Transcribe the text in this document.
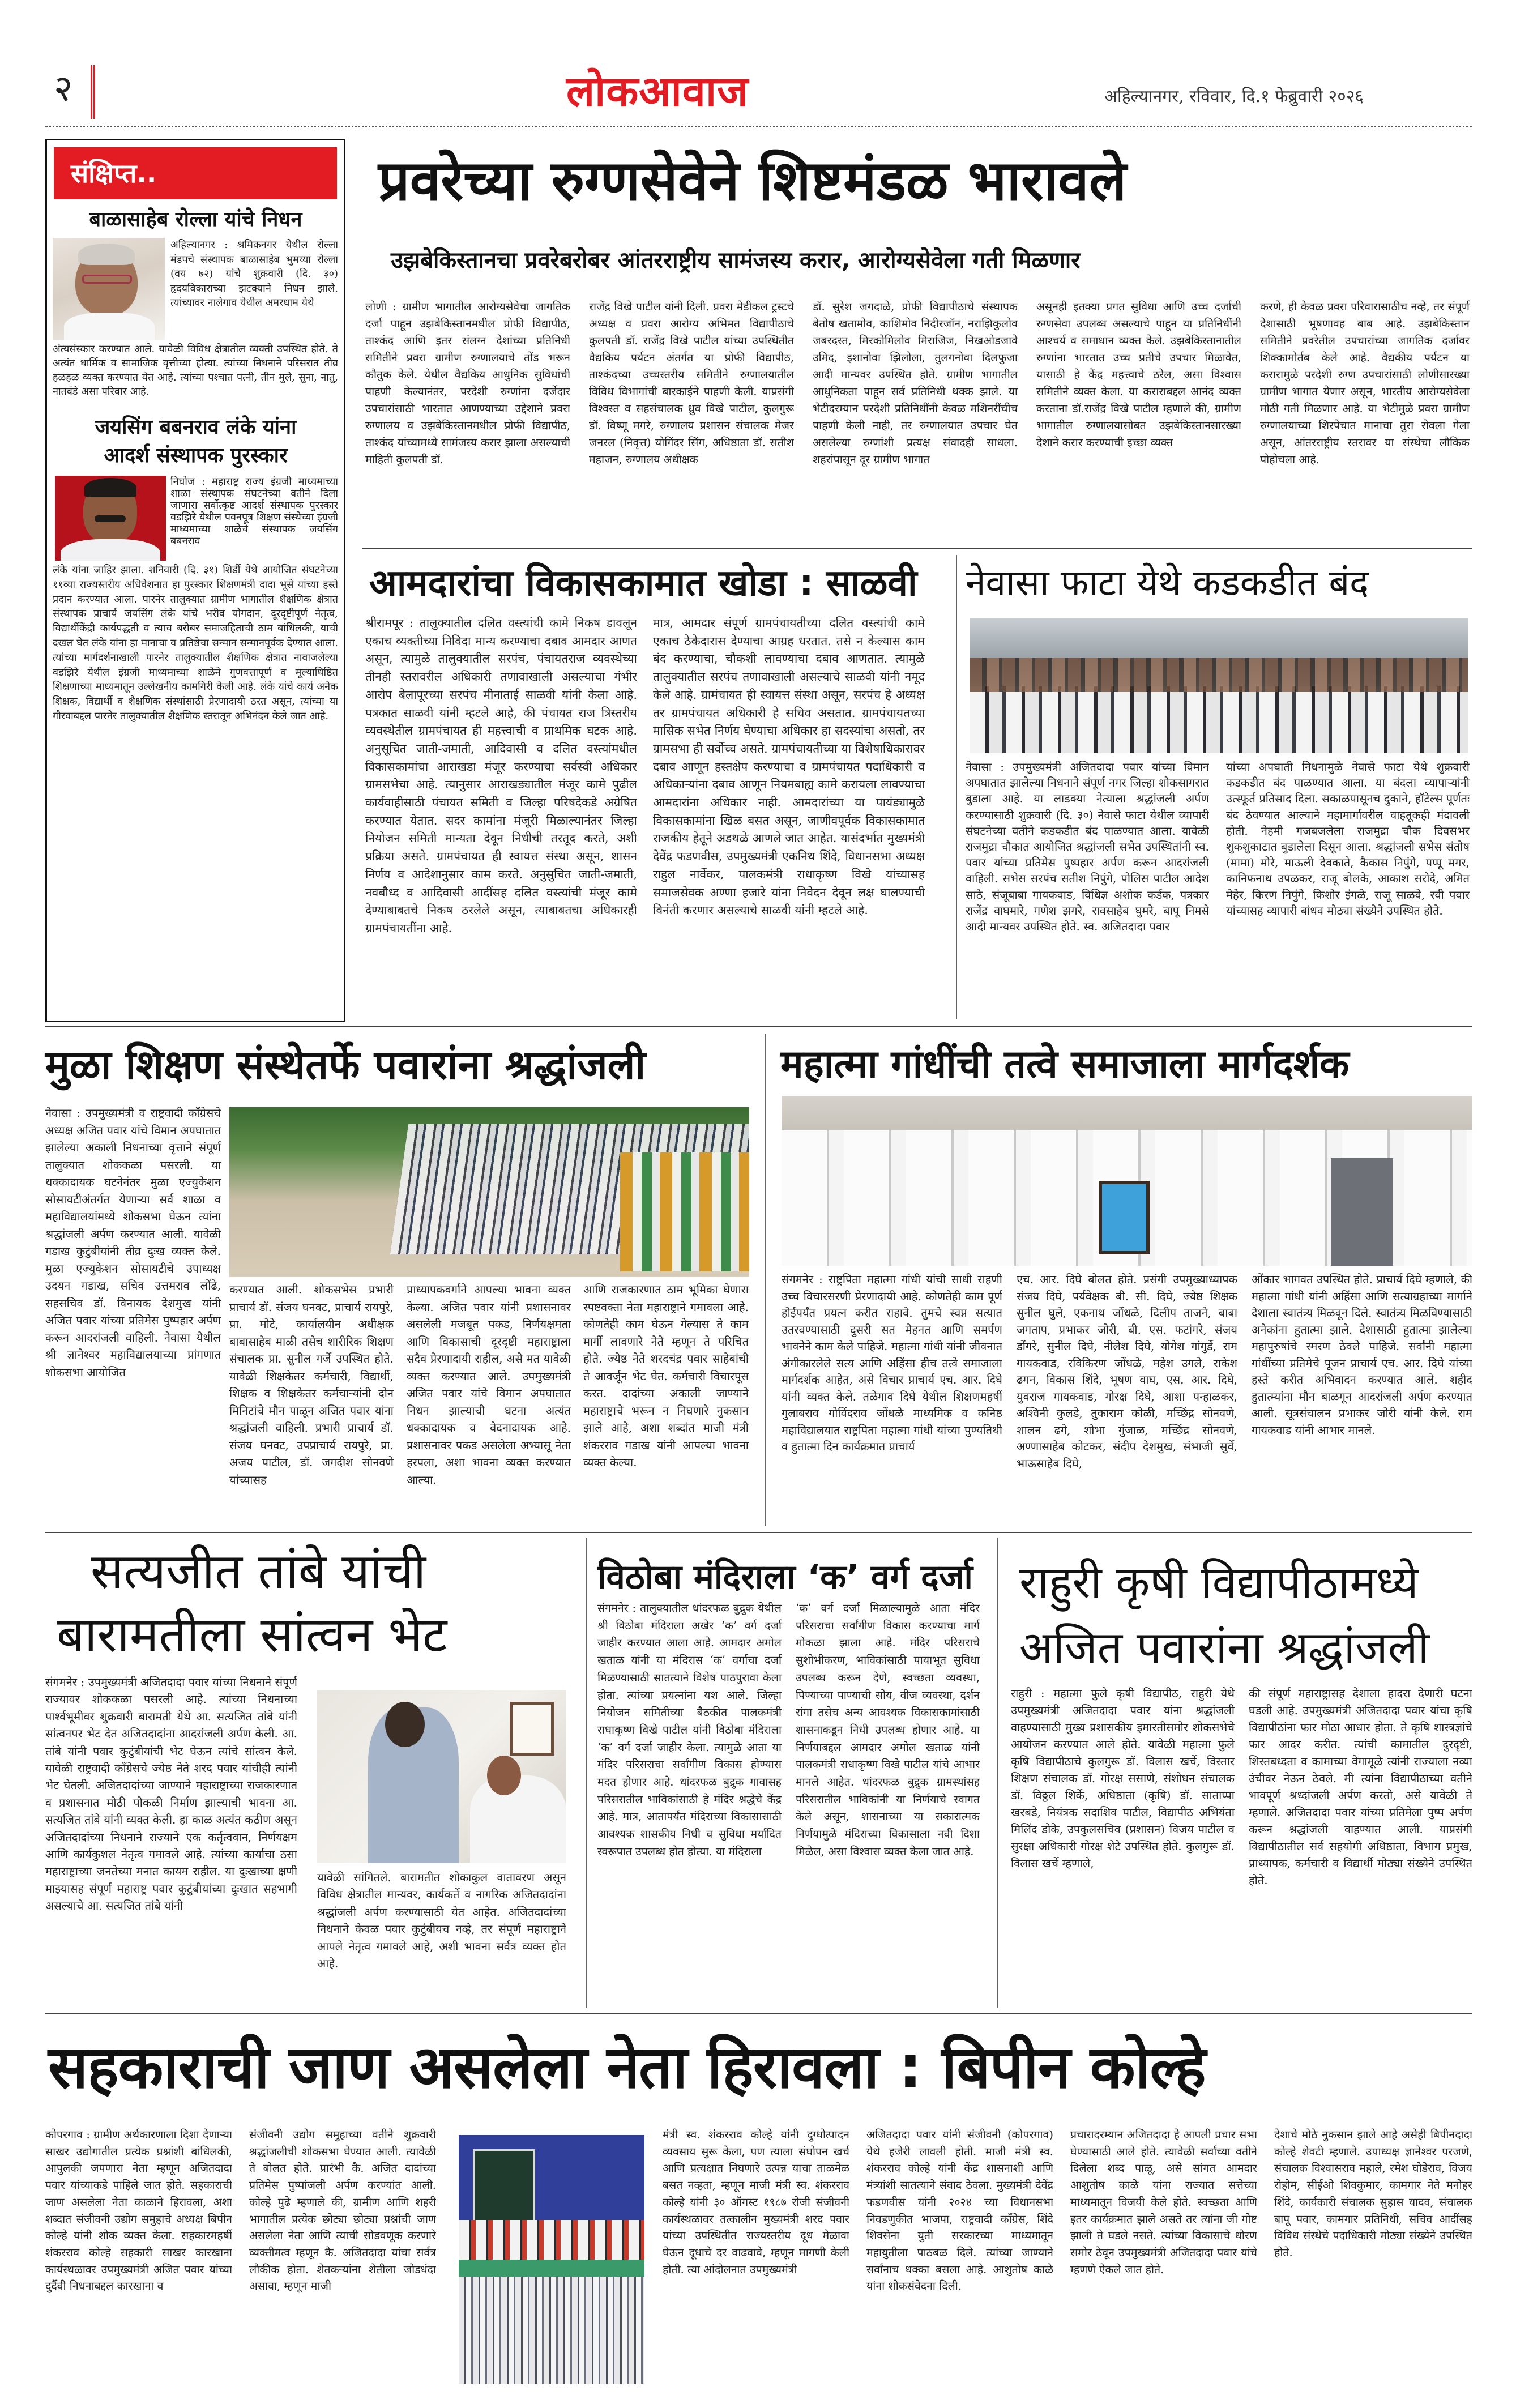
२	लोकआवाज	अहिल्यानगर, रविवार, दि.१ फेब्रुवारी २०२६
संक्षिप्त..
बाळासाहेब रोल्ला यांचे निधन
अहिल्यानगर : श्रमिकनगर येथील रोल्ला मंडपचे संस्थापक बाळासाहेब भुमय्या रोल्ला (वय ७२) यांचे शुक्रवारी (दि. ३०) हृदयविकाराच्या झटक्याने निधन झाले. त्यांच्यावर नालेगाव येथील अमरधाम येथे
अंत्यसंस्कार करण्यात आले. यावेळी विविध क्षेत्रातील व्यक्ती उपस्थित होते. ते अत्यंत धार्मिक व सामाजिक वृत्तीच्या होत्या. त्यांच्या निधनाने परिसरात तीव्र हळहळ व्यक्त करण्यात येत आहे. त्यांच्या पश्चात पत्नी, तीन मुले, सुना, नातु, नातवंडे असा परिवार आहे.
जयसिंग बबनराव लंके यांना
आदर्श संस्थापक पुरस्कार
निघोज : महाराष्ट्र राज्य इंग्रजी माध्यमाच्या शाळा संस्थापक संघटनेच्या वतीने दिला जाणारा सर्वोत्कृष्ट आदर्श संस्थापक पुरस्कार वडझिरे येथील पवनपूत्र शिक्षण संस्थेच्या इंग्रजी माध्यमाच्या शाळेचे संस्थापक जयसिंग बबनराव
लंके यांना जाहिर झाला. शनिवारी (दि. ३१) शिर्डी येथे आयोजित संघटनेच्या ११व्या राज्यस्तरीय अधिवेशनात हा पुरस्कार शिक्षणमंत्री दादा भूसे यांच्या हस्ते प्रदान करण्यात आला. पारनेर तालुक्यात ग्रामीण भागातील शैक्षणिक क्षेत्रात संस्थापक प्राचार्य जयसिंग लंके यांचे भरीव योगदान, दूरदृष्टीपूर्ण नेतृत्व, विद्यार्थीकेंद्री कार्यपद्धती व त्याच बरोबर समाजहिताची ठाम बांधिलकी, याची दखल घेत लंके यांना हा मानाचा व प्रतिष्ठेचा सन्मान सन्मानपूर्वक देण्यात आला. त्यांच्या मार्गदर्शनाखाली पारनेर तालुक्यातील शैक्षणिक क्षेत्रात नावाजलेल्या वडझिरे येथील इंग्रजी माध्यमाच्या शाळेने गुणवत्तापूर्ण व मूल्याधिष्ठित शिक्षणाच्या माध्यमातून उल्लेखनीय कामगिरी केली आहे. लंके यांचे कार्य अनेक शिक्षक, विद्यार्थी व शैक्षणिक संस्थांसाठी प्रेरणादायी ठरत असून, त्यांच्या या गौरवाबद्दल पारनेर तालुक्यातील शैक्षणिक स्तरातून अभिनंदन केले जात आहे.
प्रवरेच्या रुग्णसेवेने शिष्टमंडळ भारावले
उझबेकिस्तानचा प्रवरेबरोबर आंतरराष्ट्रीय सामंजस्य करार, आरोग्यसेवेला गती मिळणार
लोणी : ग्रामीण भागातील आरोग्यसेवेचा जागतिक दर्जा पाहून उझबेकिस्तानमधील प्रोफी विद्यापीठ, ताश्कंद आणि इतर संलग्न देशांच्या प्रतिनिधी समितीने प्रवरा ग्रामीण रुग्णालयाचे तोंड भरून कौतुक केले. येथील वैद्यकिय आधुनिक सुविधांची पाहणी केल्यानंतर, परदेशी रुग्णांना दर्जेदार उपचारांसाठी भारतात आणण्याच्या उद्देशाने प्रवरा रुग्णालय व उझबेकिस्तानमधील प्रोफी विद्यापीठ, ताश्कंद यांच्यामध्ये सामंजस्य करार झाला असल्याची माहिती कुलपती डॉ.
राजेंद्र विखे पाटील यांनी दिली. प्रवरा मेडीकल ट्रस्टचे अध्यक्ष व प्रवरा आरोग्य अभिमत विद्यापीठाचे कुलपती डॉ. राजेंद्र विखे पाटील यांच्या उपस्थितीत वैद्यकिय पर्यटन अंतर्गत या प्रोफी विद्यापीठ, ताश्कंदच्या उच्चस्तरीय समितीने रुग्णालयातील विविध विभागांची बारकाईने पाहणी केली. याप्रसंगी विश्वस्त व सहसंचालक ध्रुव विखे पाटील, कुलगुरू डॉ. विष्णू मगरे, रुग्णालय प्रशासन संचालक मेजर जनरल (निवृत्त) योगिंदर सिंग, अधिष्ठाता डॉ. सतीश महाजन, रुग्णालय अधीक्षक
डॉ. सुरेश जगदाळे, प्रोफी विद्यापीठाचे संस्थापक बेतोष खतामोव, काशिमोव निदीरजॉन, नराझिकुलोव जबरदस्त, मिरकोमिलोव मिराजिज, निखओडजावे उमिद, इशानोवा झिलोला, तुलगनोवा दिलफुजा आदी मान्यवर उपस्थित होते. ग्रामीण भागातील आधुनिकता पाहून सर्व प्रतिनिधी थक्क झाले. या भेटीदरम्यान परदेशी प्रतिनिधींनी केवळ मशिनरींचीच पाहणी केली नाही, तर रुग्णालयात उपचार घेत असलेल्या रुग्णांशी प्रत्यक्ष संवादही साधला. शहरांपासून दूर ग्रामीण भागात
असूनही इतक्या प्रगत सुविधा आणि उच्च दर्जाची रुग्णसेवा उपलब्ध असल्याचे पाहून या प्रतिनिधींनी आश्चर्य व समाधान व्यक्त केले. उझबेकिस्तानातील रुग्णांना भारतात उच्च प्रतीचे उपचार मिळावेत, यासाठी हे केंद्र महत्त्वाचे ठरेल, असा विश्वास समितीने व्यक्त केला. या कराराबद्दल आनंद व्यक्त करताना डॉ.राजेंद्र विखे पाटील म्हणाले की, ग्रामीण भागातील रुग्णालयासोबत उझबेकिस्तानसारख्या देशाने करार करण्याची इच्छा व्यक्त
करणे, ही केवळ प्रवरा परिवारासाठीच नव्हे, तर संपूर्ण देशासाठी भूषणावह बाब आहे. उझबेकिस्तान समितीने प्रवरेतील उपचारांच्या जागतिक दर्जावर शिक्कामोर्तब केले आहे. वैद्यकीय पर्यटन या करारामुळे परदेशी रुग्ण उपचारांसाठी लोणीसारख्या ग्रामीण भागात येणार असून, भारतीय आरोग्यसेवेला मोठी गती मिळणार आहे. या भेटीमुळे प्रवरा ग्रामीण रुग्णालयाच्या शिरपेचात मानाचा तुरा रोवला गेला असून, आंतरराष्ट्रीय स्तरावर या संस्थेचा लौकिक पोहोचला आहे.
आमदारांचा विकासकामात खोडा : साळवी
श्रीरामपूर : तालुक्यातील दलित वस्त्यांची कामे निकष डावलून एकाच व्यक्तीच्या निविदा मान्य करण्याचा दबाव आमदार आणत असून, त्यामुळे तालुक्यातील सरपंच, पंचायतराज व्यवस्थेच्या तीनही स्तरावरील अधिकारी तणावाखाली असल्याचा गंभीर आरोप बेलापूरच्या सरपंच मीनाताई साळवी यांनी केला आहे. पत्रकात साळवी यांनी म्हटले आहे, की पंचायत राज त्रिस्तरीय व्यवस्थेतील ग्रामपंचायत ही महत्त्वाची व प्राथमिक घटक आहे. अनुसूचित जाती-जमाती, आदिवासी व दलित वस्त्यांमधील विकासकामांचा आराखडा मंजूर करण्याचा सर्वस्वी अधिकार ग्रामसभेचा आहे. त्यानुसार आराखड्यातील मंजूर कामे पुढील कार्यवाहीसाठी पंचायत समिती व जिल्हा परिषदेकडे अग्रेषित करण्यात येतात. सदर कामांना मंजूरी मिळाल्यानंतर जिल्हा नियोजन समिती मान्यता देवून निधीची तरतूद करते, अशी प्रक्रिया असते. ग्रामपंचायत ही स्वायत्त संस्था असून, शासन निर्णय व आदेशानुसार काम करते. अनुसुचित जाती-जमाती, नवबौध्द व आदिवासी आदींसह दलित वस्त्यांची मंजूर कामे देण्याबाबतचे निकष ठरलेले असून, त्याबाबतचा अधिकारही ग्रामपंचायतींना आहे.
मात्र, आमदार संपूर्ण ग्रामपंचायतीच्या दलित वस्त्यांची कामे एकाच ठेकेदारास देण्याचा आग्रह धरतात. तसे न केल्यास काम बंद करण्याचा, चौकशी लावण्याचा दबाव आणतात. त्यामुळे तालुक्यातील सरपंच तणावाखाली असल्याचे साळवी यांनी नमूद केले आहे. ग्रामंचायत ही स्वायत्त संस्था असून, सरपंच हे अध्यक्ष तर ग्रामपंचायत अधिकारी हे सचिव असतात. ग्रामपंचायतच्या मासिक सभेत निर्णय घेण्याचा अधिकार हा सदस्यांचा असतो, तर ग्रामसभा ही सर्वोच्च असते. ग्रामपंचायतीच्या या विशेषाधिकारावर दबाव आणून हस्तक्षेप करण्याचा व ग्रामपंचायत पदाधिकारी व अधिकाऱ्यांना दबाव आणून नियमबाह्य कामे करायला लावण्याचा आमदारांना अधिकार नाही. आमदारांच्या या पायंड्यामुळे विकासकामांना खिळ बसत असून, जाणीवपूर्वक विकासकामात राजकीय हेतूने अडथळे आणले जात आहेत. यासंदर्भात मुख्यमंत्री देवेंद्र फडणवीस, उपमुख्यमंत्री एकनिथ शिंदे, विधानसभा अध्यक्ष राहुल नार्वेकर, पालकमंत्री राधाकृष्ण विखे यांच्यासह समाजसेवक अण्णा हजारे यांना निवेदन देवून लक्ष घालण्याची विनंती करणार असल्याचे साळवी यांनी म्हटले आहे.
नेवासा फाटा येथे कडकडीत बंद
नेवासा : उपमुख्यमंत्री अजितदादा पवार यांच्या विमान अपघातात झालेल्या निधनाने संपूर्ण नगर जिल्हा शोकसागरात बुडाला आहे. या लाडक्या नेत्याला श्रद्धांजली अर्पण करण्यासाठी शुक्रवारी (दि. ३०) नेवासे फाटा येथील व्यापारी संघटनेच्या वतीने कडकडीत बंद पाळण्यात आला. यावेळी राजमुद्रा चौकात आयोजित श्रद्धांजली सभेत उपस्थितांनी स्व. पवार यांच्या प्रतिमेस पुष्पहार अर्पण करून आदरांजली वाहिली. सभेस सरपंच सतीश निपुंगे, पोलिस पाटील आदेश साठे, संजूबाबा गायकवाड, विधिज्ञ अशोक कर्डक, पत्रकार राजेंद्र वाघमारे, गणेश झगरे, रावसाहेब घुमरे, बापू निमसे आदी मान्यवर उपस्थित होते. स्व. अजितदादा पवार
यांच्या अपघाती निधनामुळे नेवासे फाटा येथे शुक्रवारी कडकडीत बंद पाळण्यात आला. या बंदला व्यापाऱ्यांनी उत्स्फूर्त प्रतिसाद दिला. सकाळपासूनच दुकाने, हॉटेल्स पूर्णतः बंद ठेवण्यात आल्याने महामार्गावरील वाहतूकही मंदावली होती. नेहमी गजबजलेला राजमुद्रा चौक दिवसभर शुकशुकाटात बुडालेला दिसून आला. श्रद्धांजली सभेस संतोष (मामा) मोरे, माऊली देवकाते, कैकास निपुंगे, पप्पू मगर, कानिफनाथ उपळकर, राजू बोलके, आकाश सरोदे, अमित मेहेर, किरण निपुंगे, किशोर इंगळे, राजू साळवे, रवी पवार यांच्यासह व्यापारी बांधव मोठ्या संख्येने उपस्थित होते.
मुळा शिक्षण संस्थेतर्फे पवारांना श्रद्धांजली
नेवासा : उपमुख्यमंत्री व राष्ट्रवादी काँग्रेसचे अध्यक्ष अजित पवार यांचे विमान अपघातात झालेल्या अकाली निधनाच्या वृत्ताने संपूर्ण तालुक्यात शोककळा पसरली. या धक्कादायक घटनेनंतर मुळा एज्युकेशन सोसायटीअंतर्गत येणाऱ्या सर्व शाळा व महाविद्यालयांमध्ये शोकसभा घेऊन त्यांना श्रद्धांजली अर्पण करण्यात आली. यावेळी गडाख कुटुंबीयांनी तीव्र दुःख व्यक्त केले. मुळा एज्युकेशन सोसायटीचे उपाध्यक्ष उदयन गडाख, सचिव उत्तमराव लोंढे, सहसचिव डॉ. विनायक देशमुख यांनी अजित पवार यांच्या प्रतिमेस पुष्पहार अर्पण करून आदरांजली वाहिली. नेवासा येथील श्री ज्ञानेश्वर महाविद्यालयाच्या प्रांगणात शोकसभा आयोजित
करण्यात आली. शोकसभेस प्रभारी प्राचार्य डॉ. संजय घनवट, प्राचार्य रायपुरे, प्रा. मोटे, कार्यालयीन अधीक्षक बाबासाहेब माळी तसेच शारीरिक शिक्षण संचालक प्रा. सुनील गर्जे उपस्थित होते. यावेळी शिक्षकेतर कर्मचारी, विद्यार्थी, शिक्षक व शिक्षकेतर कर्मचाऱ्यांनी दोन मिनिटांचे मौन पाळून अजित पवार यांना श्रद्धांजली वाहिली. प्रभारी प्राचार्य डॉ. संजय घनवट, उपप्राचार्य रायपुरे, प्रा. अजय पाटील, डॉ. जगदीश सोनवणे यांच्यासह
प्राध्यापकवर्गाने आपल्या भावना व्यक्त केल्या. अजित पवार यांनी प्रशासनावर असलेली मजबूत पकड, निर्णयक्षमता आणि विकासाची दूरदृष्टी महाराष्ट्राला सदैव प्रेरणादायी राहील, असे मत यावेळी व्यक्त करण्यात आले. उपमुख्यमंत्री अजित पवार यांचे विमान अपघातात निधन झाल्याची घटना अत्यंत धक्कादायक व वेदनादायक आहे. प्रशासनावर पकड असलेला अभ्यासू नेता हरपला, अशा भावना व्यक्त करण्यात आल्या.
आणि राजकारणात ठाम भूमिका घेणारा स्पष्टवक्ता नेता महाराष्ट्राने गमावला आहे. कोणतेही काम घेऊन गेल्यास ते काम मार्गी लावणारे नेते म्हणून ते परिचित होते. ज्येष्ठ नेते शरदचंद्र पवार साहेबांची ते आवर्जून भेट घेत. कर्मचारी विचारपूस करत. दादांच्या अकाली जाण्याने महाराष्ट्राचे भरून न निघणारे नुकसान झाले आहे, अशा शब्दांत माजी मंत्री शंकरराव गडाख यांनी आपल्या भावना व्यक्त केल्या.
महात्मा गांधींची तत्वे समाजाला मार्गदर्शक
संगमनेर : राष्ट्रपिता महात्मा गांधी यांची साधी राहणी उच्च विचारसरणी प्रेरणादायी आहे. कोणतेही काम पूर्ण होईपर्यंत प्रयत्न करीत राहावे. तुमचे स्वप्न सत्यात उतरवण्यासाठी दुसरी सत मेहनत आणि समर्पण भावनेने काम केले पाहिजे. महात्मा गांधी यांनी जीवनात अंगीकारलेले सत्य आणि अहिंसा हीच तत्वे समाजाला मार्गदर्शक आहेत, असे विचार प्राचार्य एच. आर. दिघे यांनी व्यक्त केले. तळेगाव दिघे येथील शिक्षणमहर्षी गुलाबराव गोविंदराव जोंधळे माध्यमिक व कनिष्ठ महाविद्यालयात राष्ट्रपिता महात्मा गांधी यांच्या पुण्यतिथी व हुतात्मा दिन कार्यक्रमात प्राचार्य
एच. आर. दिघे बोलत होते. प्रसंगी उपमुख्याध्यापक संजय दिघे, पर्यवेक्षक बी. सी. दिघे, ज्येष्ठ शिक्षक सुनील घुले, एकनाथ जोंधळे, दिलीप ताजने, बाबा जगताप, प्रभाकर जोरी, बी. एस. फटांगरे, संजय डोंगरे, सुनील दिघे, नीलेश दिघे, योगेश गांगुर्डे, राम गायकवाड, रविकिरण जोंधळे, महेश उगले, राकेश ढगन, विकास शिंदे, भूषण वाघ, एस. आर. दिघे, युवराज गायकवाड, गोरक्ष दिघे, आशा पन्हाळकर, अश्विनी कुलडे, तुकाराम कोळी, मच्छिंद्र सोनवणे, शालन ढगे, शोभा गुंजाळ, मच्छिंद्र सोनवणे, अण्णासाहेब कोटकर, संदीप देशमुख, संभाजी सुर्वे, भाऊसाहेब दिघे,
ओंकार भागवत उपस्थित होते. प्राचार्य दिघे म्हणाले, की महात्मा गांधी यांनी अहिंसा आणि सत्याग्रहाच्या मार्गाने देशाला स्वातंत्र्य मिळवून दिले. स्वातंत्र्य मिळविण्यासाठी अनेकांना हुतात्मा झाले. देशासाठी हुतात्मा झालेल्या महापुरुषांचे स्मरण ठेवले पाहिजे. सर्वांनी महात्मा गांधींच्या प्रतिमेचे पूजन प्राचार्य एच. आर. दिघे यांच्या हस्ते करीत अभिवादन करण्यात आले. शहीद हुतात्म्यांना मौन बाळगून आदरांजली अर्पण करण्यात आली. सूत्रसंचालन प्रभाकर जोरी यांनी केले. राम गायकवाड यांनी आभार मानले.
सत्यजीत तांबे यांची
बारामतीला सांत्वन भेट
संगमनेर : उपमुख्यमंत्री अजितदादा पवार यांच्या निधनाने संपूर्ण राज्यावर शोककळा पसरली आहे. त्यांच्या निधनाच्या पार्श्वभूमीवर शुक्रवारी बारामती येथे आ. सत्यजित तांबे यांनी सांत्वनपर भेट देत अजितदादांना आदरांजली अर्पण केली. आ. तांबे यांनी पवार कुटुंबीयांची भेट घेऊन त्यांचे सांत्वन केले. यावेळी राष्ट्रवादी काँग्रेसचे ज्येष्ठ नेते शरद पवार यांचीही त्यांनी भेट घेतली. अजितदादांच्या जाण्याने महाराष्ट्राच्या राजकारणात व प्रशासनात मोठी पोकळी निर्माण झाल्याची भावना आ. सत्यजित तांबे यांनी व्यक्त केली. हा काळ अत्यंत कठीण असून अजितदादांच्या निधनाने राज्याने एक कर्तृत्ववान, निर्णयक्षम आणि कार्यकुशल नेतृत्व गमावले आहे. त्यांच्या कार्याचा ठसा महाराष्ट्राच्या जनतेच्या मनात कायम राहील. या दुःखाच्या क्षणी माझ्यासह संपूर्ण महाराष्ट्र पवार कुटुंबीयांच्या दुःखात सहभागी असल्याचे आ. सत्यजित तांबे यांनी
यावेळी सांगितले. बारामतीत शोकाकुल वातावरण असून विविध क्षेत्रातील मान्यवर, कार्यकर्ते व नागरिक अजितदादांना श्रद्धांजली अर्पण करण्यासाठी येत आहेत. अजितदादांच्या निधनाने केवळ पवार कुटुंबीयच नव्हे, तर संपूर्ण महाराष्ट्राने आपले नेतृत्व गमावले आहे, अशी भावना सर्वत्र व्यक्त होत आहे.
विठोबा मंदिराला ‘क’ वर्ग दर्जा
संगमनेर : तालुक्यातील धांदरफळ बुद्रुक येथील श्री विठोबा मंदिराला अखेर ‘क’ वर्ग दर्जा जाहीर करण्यात आला आहे. आमदार अमोल खताळ यांनी या मंदिरास ‘क’ वर्गाचा दर्जा मिळण्यासाठी सातत्याने विशेष पाठपुरावा केला होता. त्यांच्या प्रयत्नांना यश आले. जिल्हा नियोजन समितीच्या बैठकीत पालकमंत्री राधाकृष्ण विखे पाटील यांनी विठोबा मंदिराला ‘क’ वर्ग दर्जा जाहीर केला. त्यामुळे आता या मंदिर परिसराचा सर्वांगीण विकास होण्यास मदत होणार आहे. धांदरफळ बुद्रुक गावासह परिसरातील भाविकांसाठी हे मंदिर श्रद्धेचे केंद्र आहे. मात्र, आतापर्यंत मंदिराच्या विकासासाठी आवश्यक शासकीय निधी व सुविधा मर्यादित स्वरूपात उपलब्ध होत होत्या. या मंदिराला
‘क’ वर्ग दर्जा मिळाल्यामुळे आता मंदिर परिसराचा सर्वांगीण विकास करण्याचा मार्ग मोकळा झाला आहे. मंदिर परिसराचे सुशोभीकरण, भाविकांसाठी पायाभूत सुविधा उपलब्ध करून देणे, स्वच्छता व्यवस्था, पिण्याच्या पाण्याची सोय, वीज व्यवस्था, दर्शन रांगा तसेच अन्य आवश्यक विकासकामांसाठी शासनाकडून निधी उपलब्ध होणार आहे. या निर्णयाबद्दल आमदार अमोल खताळ यांनी पालकमंत्री राधाकृष्ण विखे पाटील यांचे आभार मानले आहेत. धांदरफळ बुद्रुक ग्रामस्थांसह परिसरातील भाविकांनी या निर्णयाचे स्वागत केले असून, शासनाच्या या सकारात्मक निर्णयामुळे मंदिराच्या विकासाला नवी दिशा मिळेल, असा विश्वास व्यक्त केला जात आहे.
राहुरी कृषी विद्यापीठामध्ये
अजित पवारांना श्रद्धांजली
राहुरी : महात्मा फुले कृषी विद्यापीठ, राहुरी येथे उपमुख्यमंत्री अजितदादा पवार यांना श्रद्धांजली वाहण्यासाठी मुख्य प्रशासकीय इमारतीसमोर शोकसभेचे आयोजन करण्यात आले होते. यावेळी महात्मा फुले कृषि विद्यापीठाचे कुलगुरू डॉ. विलास खर्चे, विस्तार शिक्षण संचालक डॉ. गोरक्ष ससाणे, संशोधन संचालक डॉ. विठ्ठल शिर्के, अधिष्ठाता (कृषि) डॉ. साताप्पा खरबडे, नियंत्रक सदाशिव पाटील, विद्यापीठ अभियंता मिलिंद डोके, उपकुलसचिव (प्रशासन) विजय पाटील व सुरक्षा अधिकारी गोरक्ष शेटे उपस्थित होते. कुलगुरू डॉ. विलास खर्चे म्हणाले,
की संपूर्ण महाराष्ट्रासह देशाला हादरा देणारी घटना घडली आहे. उपमुख्यमंत्री अजितदादा पवार यांचा कृषि विद्यापीठांना फार मोठा आधार होता. ते कृषि शास्त्रज्ञांचे फार आदर करीत. त्यांची कामातील दुरदृष्टी, शिस्तबध्दता व कामाच्या वेगामूळे त्यांनी राज्याला नव्या उंचीवर नेऊन ठेवले. मी त्यांना विद्यापीठाच्या वतीने भावपूर्ण श्रध्दांजली अर्पण करतो, असे यावेळी ते म्हणाले. अजितदादा पवार यांच्या प्रतिमेला पुष्प अर्पण करून श्रद्धांजली वाहण्यात आली. याप्रसंगी विद्यापीठातील सर्व सहयोगी अधिष्ठाता, विभाग प्रमुख, प्राध्यापक, कर्मचारी व विद्यार्थी मोठ्या संख्येने उपस्थित होते.
सहकाराची जाण असलेला नेता हिरावला : बिपीन कोल्हे
कोपरगाव : ग्रामीण अर्थकारणाला दिशा देणाऱ्या साखर उद्योगातील प्रत्येक प्रश्नांशी बांधिलकी, आपुलकी जपणारा नेता म्हणून अजितदादा पवार यांच्याकडे पाहिले जात होते. सहकाराची जाण असलेला नेता काळाने हिरावला, अशा शब्दात संजीवनी उद्योग समुहाचे अध्यक्ष बिपीन कोल्हे यांनी शोक व्यक्त केला. सहकारमहर्षी शंकरराव कोल्हे सहकारी साखर कारखाना कार्यस्थळावर उपमुख्यमंत्री अजित पवार यांच्या दुर्दैवी निधनाबद्दल कारखाना व
संजीवनी उद्योग समुहाच्या वतीने शुक्रवारी श्रद्धांजलीची शोकसभा घेण्यात आली. त्यावेळी ते बोलत होते. प्रारंभी कै. अजित दादांच्या प्रतिमेस पुष्पांजली अर्पण करण्यांत आली. कोल्हे पुढे म्हणाले की, ग्रामीण आणि शहरी भागातील प्रत्येक छोट्या छोट्या प्रश्नांची जाण असलेला नेता आणि त्याची सोडवणूक करणारे व्यक्तीमत्व म्हणून कै. अजितदादा यांचा सर्वत्र लौकीक होता. शेतकऱ्यांना शेतीला जोडधंदा असावा, म्हणून माजी
मंत्री स्व. शंकरराव कोल्हे यांनी दुग्धोत्पादन व्यवसाय सुरू केला, पण त्याला संघोपन खर्च आणि प्रत्यक्षात निघणारे उत्पन्न याचा ताळमेळ बसत नव्हता, म्हणून माजी मंत्री स्व. शंकरराव कोल्हे यांनी ३० ऑगस्ट १९८७ रोजी संजीवनी कार्यस्थळावर तत्कालीन मुख्यमंत्री शरद पवार यांच्या उपस्थितीत राज्यस्तरीय दूध मेळावा घेऊन दूधाचे दर वाढवावे, म्हणून मागणी केली होती. त्या आंदोलनात उपमुख्यमंत्री
अजितदादा पवार यांनी संजीवनी (कोपरगाव) येथे हजेरी लावली होती. माजी मंत्री स्व. शंकरराव कोल्हे यांनी केंद्र शासनाशी आणि मंत्र्यांशी सातत्याने संवाद ठेवला. मुख्यमंत्री देवेंद्र फडणवीस यांनी २०२४ च्या विधानसभा निवडणुकीत भाजपा, राष्ट्रवादी काँग्रेस, शिंदे शिवसेना युती सरकारच्या माध्यमातून महायुतीला पाठबळ दिले. त्यांच्या जाण्याने सर्वांनाच धक्का बसला आहे. आशुतोष काळे यांना शोकसंवेदना दिली.
प्रचारादरम्यान अजितदादा हे आपली प्रचार सभा घेण्यासाठी आले होते. त्यावेळी सर्वांच्या वतीने दिलेला शब्द पाळू, असे सांगत आमदार आशुतोष काळे यांना राज्यात सत्तेच्या माध्यमातून विजयी केले होते. स्वच्छता आणि इतर कार्यक्रमात झाले असते तर त्यांना जी गोष्ट झाली ते घडले नसते. त्यांच्या विकासाचे धोरण समोर ठेवून उपमुख्यमंत्री अजितदादा पवार यांचे म्हणणे ऐकले जात होते.
देशाचे मोठे नुकसान झाले आहे असेही बिपीनदादा कोल्हे शेवटी म्हणाले. उपाध्यक्ष ज्ञानेश्वर परजणे, संचालक विश्वासराव महाले, रमेश घोडेराव, विजय रोहोम, सीईओ शिवकुमार, कामगार नेते मनोहर शिंदे, कार्यकारी संचालक सुहास यादव, संचालक बापू पवार, कामगार प्रतिनिधी, सचिव आदींसह विविध संस्थेचे पदाधिकारी मोठ्या संख्येने उपस्थित होते.
